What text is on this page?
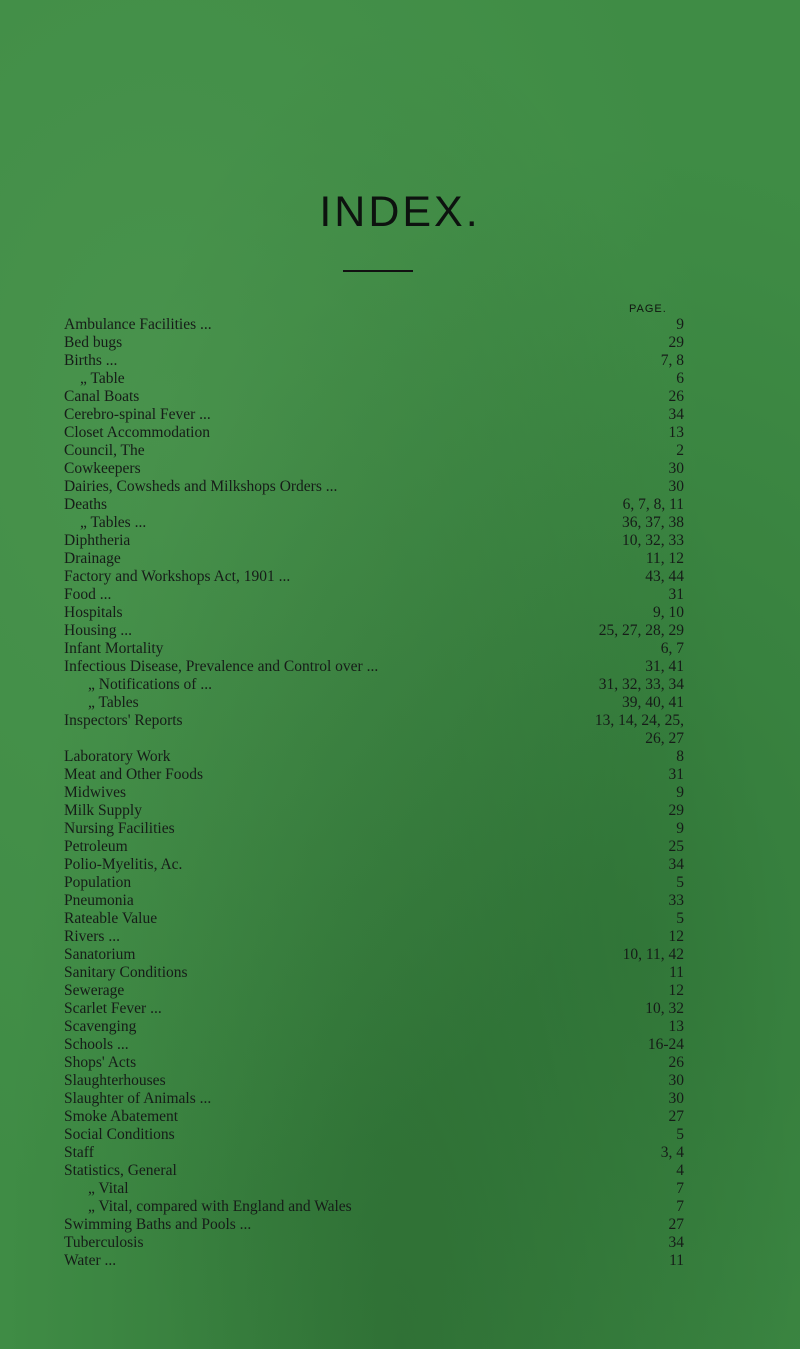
INDEX.
PAGE.
Ambulance Facilities ...	9
Bed bugs	29
Births ...	7, 8
„ Table	6
Canal Boats	26
Cerebro-spinal Fever ...	34
Closet Accommodation	13
Council, The	2
Cowkeepers	30
Dairies, Cowsheds and Milkshops Orders ...	30
Deaths	6, 7, 8, 11
„ Tables ...	36, 37, 38
Diphtheria	10, 32, 33
Drainage	11, 12
Factory and Workshops Act, 1901 ...	43, 44
Food ...	31
Hospitals	9, 10
Housing ...	25, 27, 28, 29
Infant Mortality	6, 7
Infectious Disease, Prevalence and Control over ...	31, 41
„ Notifications of ...	31, 32, 33, 34
„ Tables	39, 40, 41
Inspectors' Reports	13, 14, 24, 25,
26, 27
Laboratory Work	8
Meat and Other Foods	31
Midwives	9
Milk Supply	29
Nursing Facilities	9
Petroleum	25
Polio-Myelitis, Ac.	34
Population	5
Pneumonia	33
Rateable Value	5
Rivers ...	12
Sanatorium	10, 11, 42
Sanitary Conditions	11
Sewerage	12
Scarlet Fever ...	10, 32
Scavenging	13
Schools ...	16-24
Shops' Acts	26
Slaughterhouses	30
Slaughter of Animals ...	30
Smoke Abatement	27
Social Conditions	5
Staff	3, 4
Statistics, General	4
„ Vital	7
„ Vital, compared with England and Wales	7
Swimming Baths and Pools ...	27
Tuberculosis	34
Water ...	11
